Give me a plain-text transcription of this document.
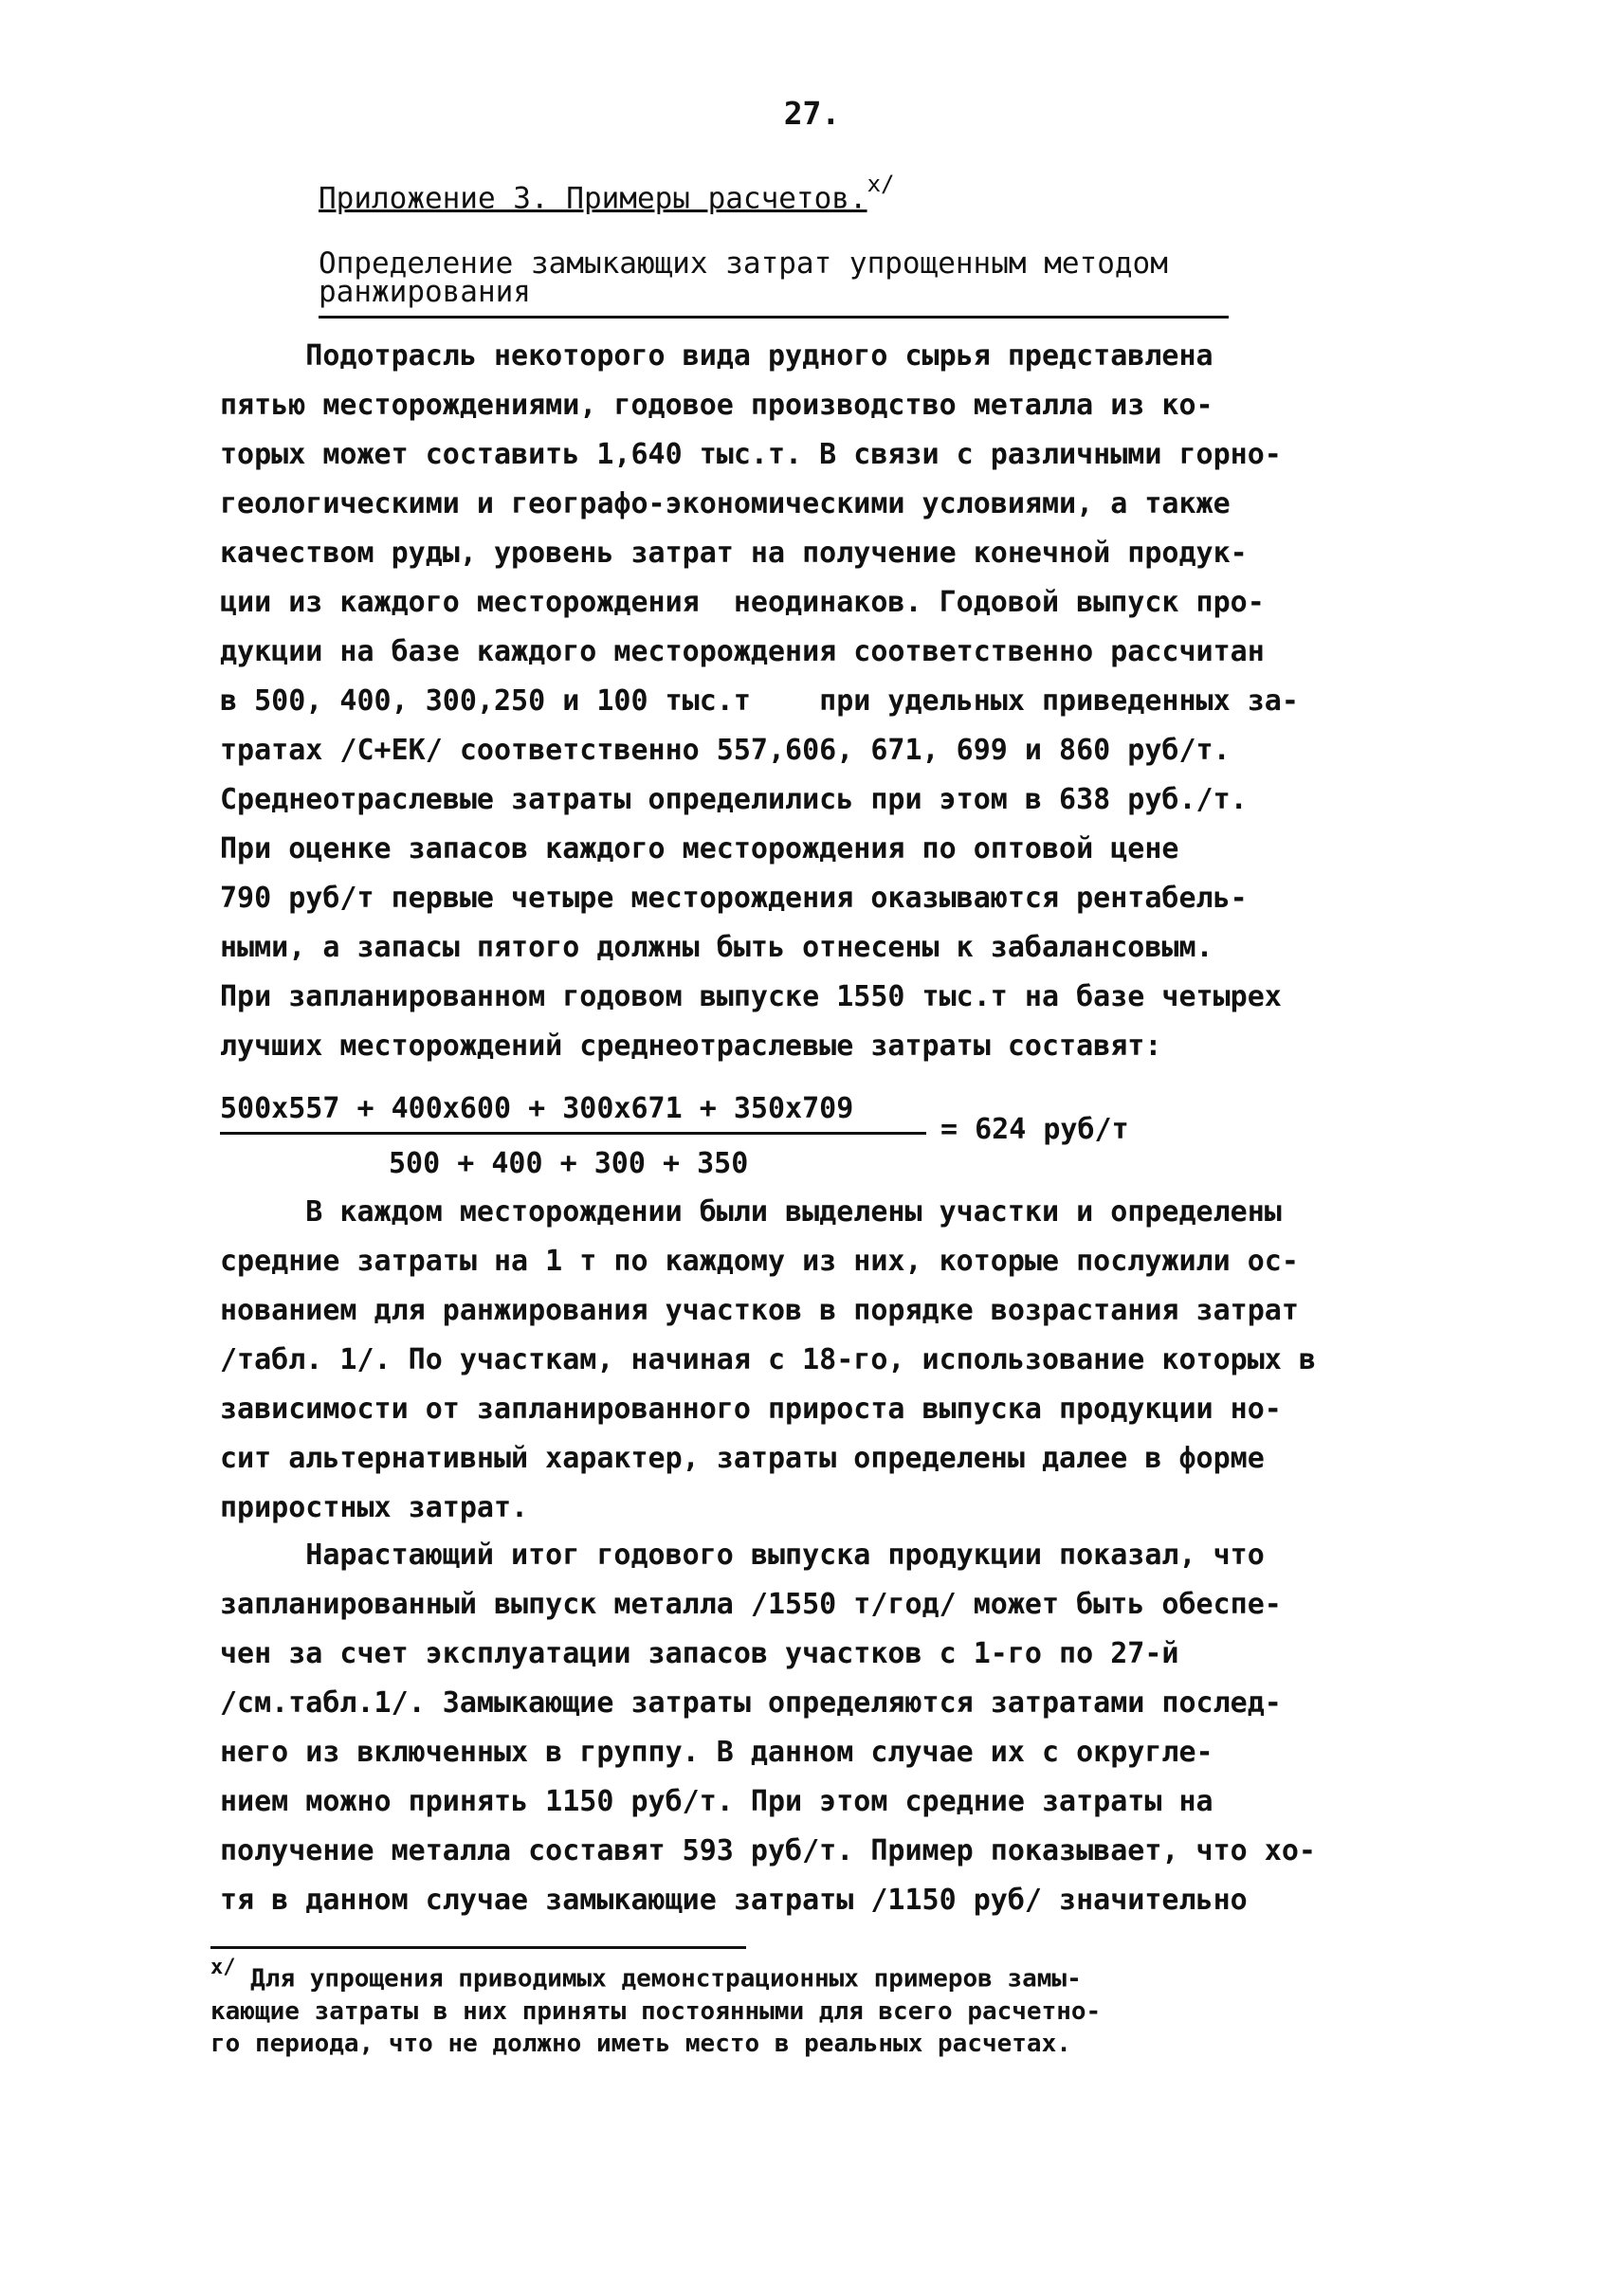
27.
Приложение 3. Примеры расчетов.$^{x/}$
Определение замыкающих затрат упрощенным методом ранжирования
Подотрасль некоторого вида рудного сырья представлена
пятью месторождениями, годовое производство металла из ко-
торых может составить 1,640 тыс.т. В связи с различными горно-
геологическими и географо-экономическими условиями, а также
качеством руды, уровень затрат на получение конечной продук-
ции из каждого месторождения  неодинаков. Годовой выпуск про-
дукции на базе каждого месторождения соответственно рассчитан
в 500, 400, 300,250 и 100 тыс.т    при удельных приведенных за-
тратах /С+ЕК/ соответственно 557,606, 671, 699 и 860 руб/т.
Среднеотраслевые затраты определились при этом в 638 руб./т.
При оценке запасов каждого месторождения по оптовой цене
790 руб/т первые четыре месторождения оказываются рентабель-
ными, а запасы пятого должны быть отнесены к забалансовым.
При запланированном годовом выпуске 1550 тыс.т на базе четырех
лучших месторождений среднеотраслевые затраты составят:
500х557 + 400х600 + 300х671 + 350х709
500 + 400 + 300 + 350
= 624 руб/т
В каждом месторождении были выделены участки и определены
средние затраты на 1 т по каждому из них, которые послужили ос-
нованием для ранжирования участков в порядке возрастания затрат
/табл. 1/. По участкам, начиная с 18-го, использование которых в
зависимости от запланированного прироста выпуска продукции но-
сит альтернативный характер, затраты определены далее в форме
приростных затрат.
Нарастающий итог годового выпуска продукции показал, что
запланированный выпуск металла /1550 т/год/ может быть обеспе-
чен за счет эксплуатации запасов участков с 1-го по 27-й
/см.табл.1/. Замыкающие затраты определяются затратами послед-
него из включенных в группу. В данном случае их с округле-
нием можно принять 1150 руб/т. При этом средние затраты на
получение металла составят 593 руб/т. Пример показывает, что хо-
тя в данном случае замыкающие затраты /1150 руб/ значительно
$^{x/}$ Для упрощения приводимых демонстрационных примеров замы-
кающие затраты в них приняты постоянными для всего расчетно-
го периода, что не должно иметь место в реальных расчетах.
